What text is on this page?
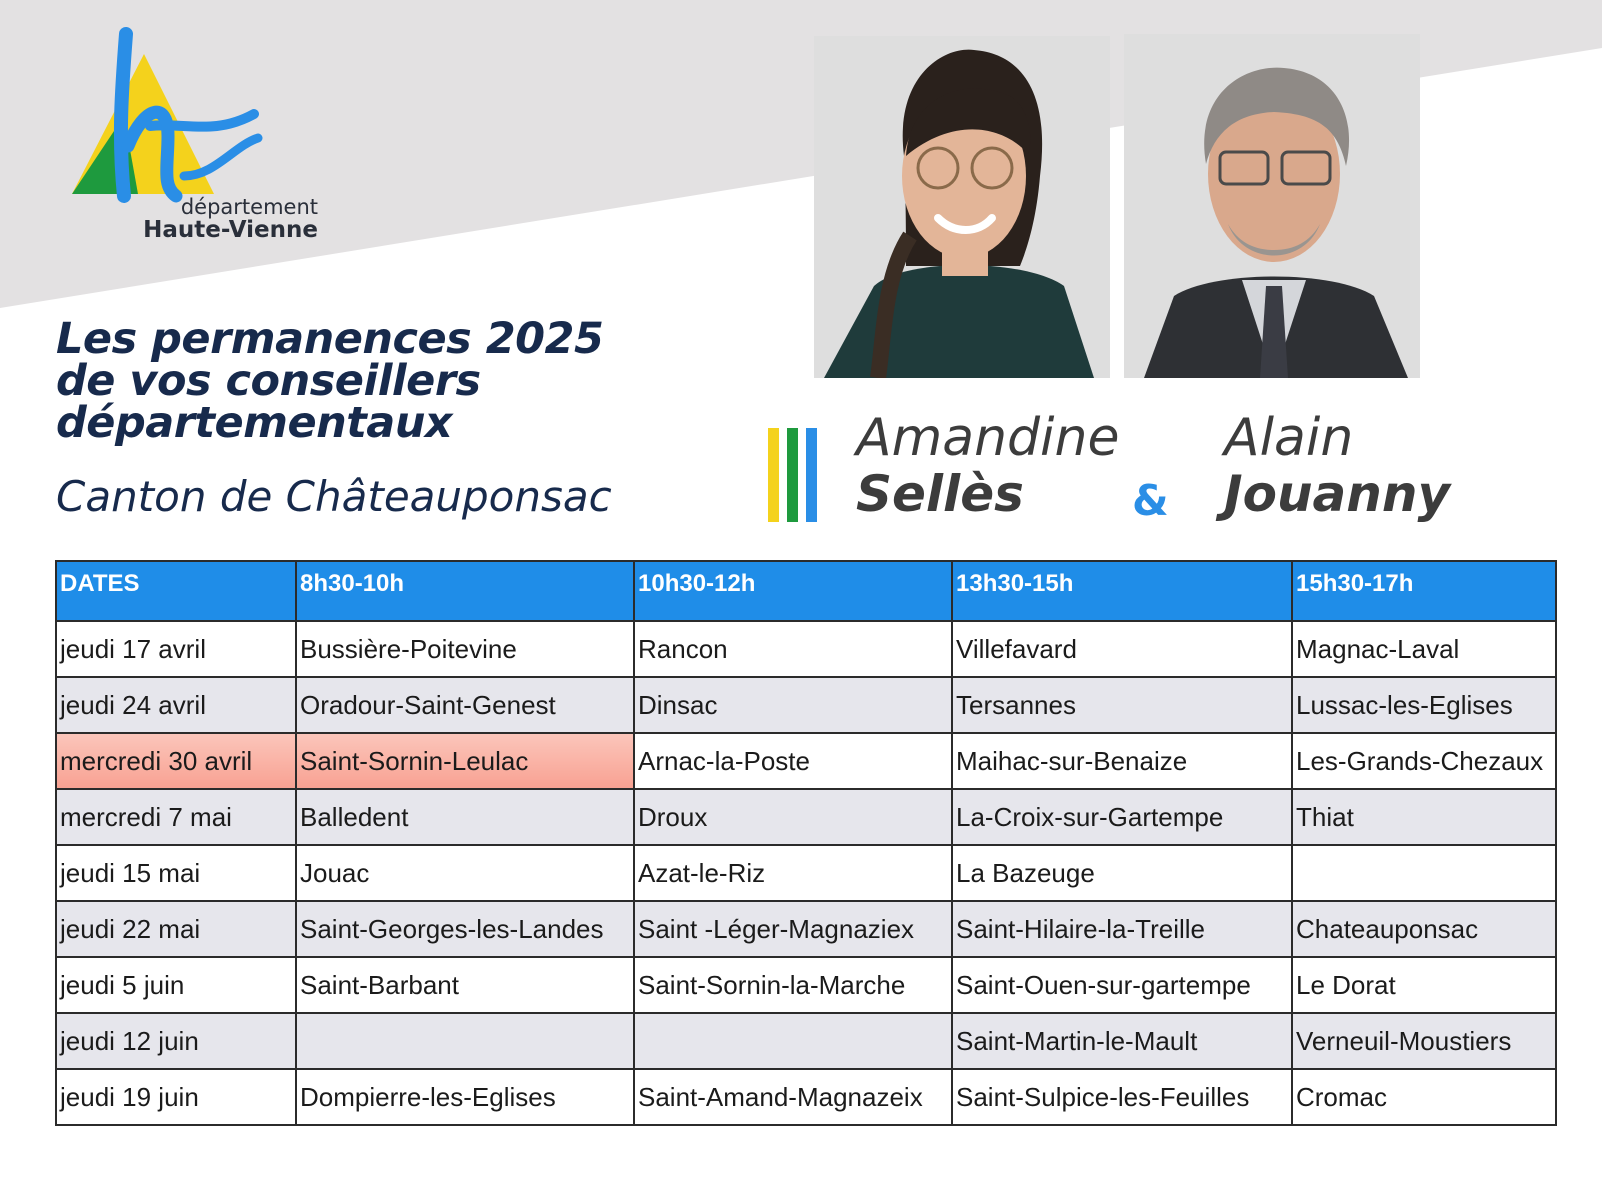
département
Haute-Vienne
Les permanences 2025
de vos conseillers
départementaux
Canton de Châteauponsac
Amandine
Sellès	&
Alain
Jouanny
DATES	8h30-10h	10h30-12h	13h30-15h	15h30-17h
jeudi 17 avril	Bussière-Poitevine	Rancon	Villefavard	Magnac-Laval
jeudi 24 avril	Oradour-Saint-Genest	Dinsac	Tersannes	Lussac-les-Eglises
mercredi 30 avril	Saint-Sornin-Leulac	Arnac-la-Poste	Maihac-sur-Benaize	Les-Grands-Chezaux
mercredi 7 mai	Balledent	Droux	La-Croix-sur-Gartempe	Thiat
jeudi 15 mai	Jouac	Azat-le-Riz	La Bazeuge	
jeudi 22 mai	Saint-Georges-les-Landes	Saint -Léger-Magnaziex	Saint-Hilaire-la-Treille	Chateauponsac
jeudi 5 juin	Saint-Barbant	Saint-Sornin-la-Marche	Saint-Ouen-sur-gartempe	Le Dorat
jeudi 12 juin			Saint-Martin-le-Mault	Verneuil-Moustiers
jeudi 19 juin	Dompierre-les-Eglises	Saint-Amand-Magnazeix	Saint-Sulpice-les-Feuilles	Cromac
